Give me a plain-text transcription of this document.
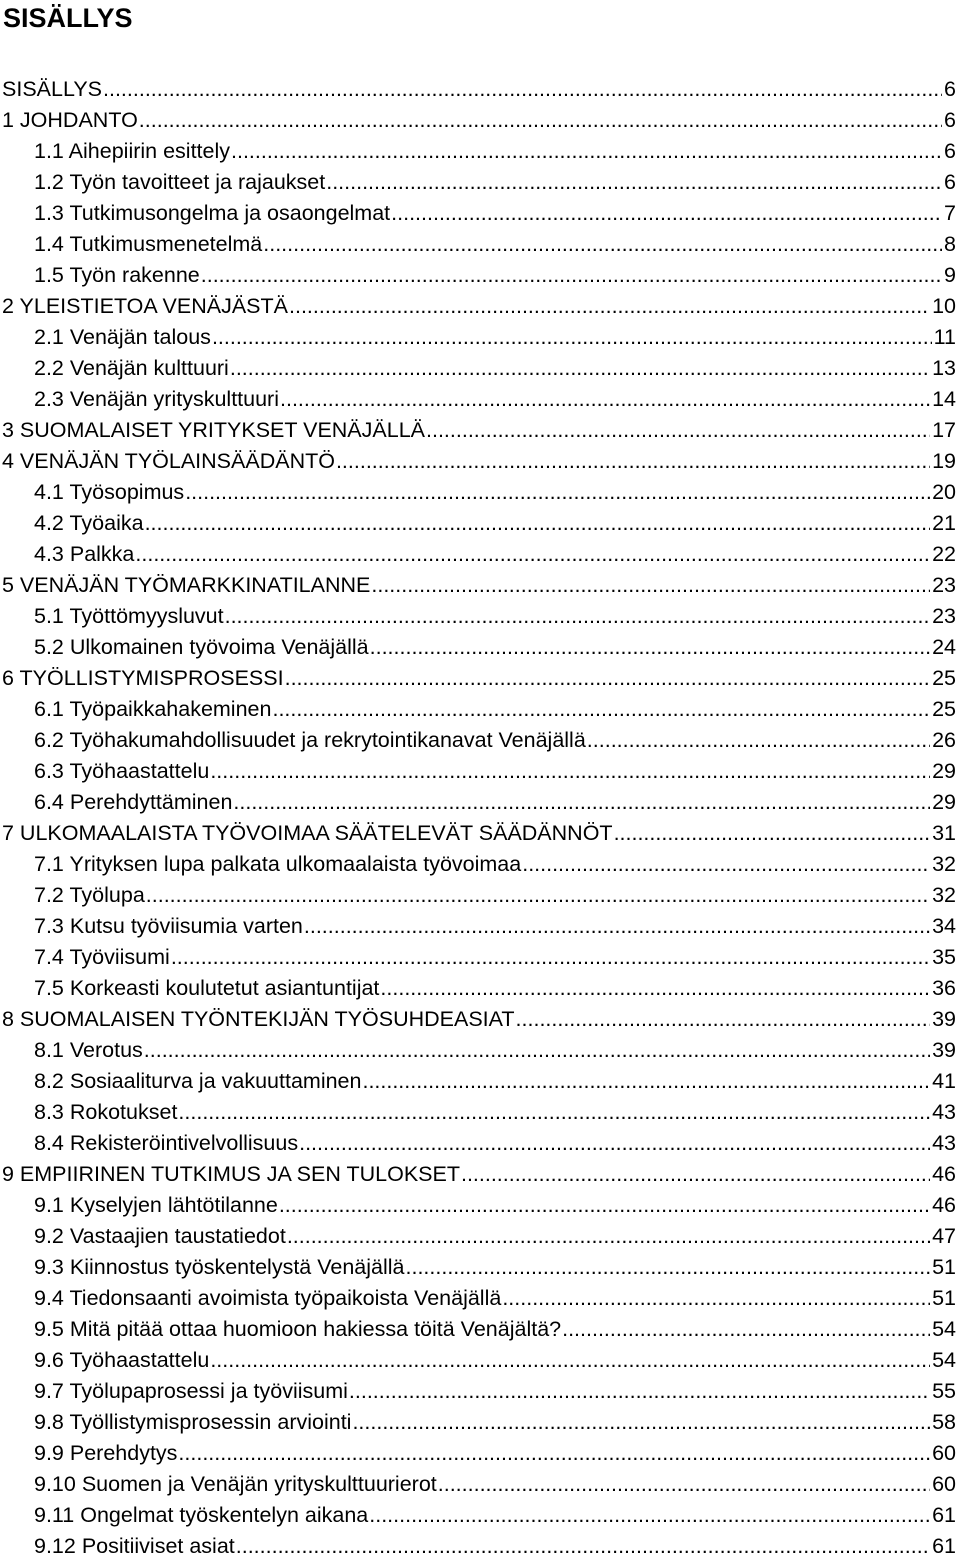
SISÄLLYS
SISÄLLYS .....	6
1 JOHDANTO .....	6
1.1 Aihepiirin esittely .....	6
1.2 Työn tavoitteet ja rajaukset .....	6
1.3 Tutkimusongelma ja osaongelmat .....	7
1.4 Tutkimusmenetelmä .....	8
1.5 Työn rakenne .....	9
2 YLEISTIETOA VENÄJÄSTÄ .....	10
2.1 Venäjän talous .....	11
2.2 Venäjän kulttuuri .....	13
2.3 Venäjän yrityskulttuuri .....	14
3 SUOMALAISET YRITYKSET VENÄJÄLLÄ .....	17
4 VENÄJÄN TYÖLAINSÄÄDÄNTÖ .....	19
4.1 Työsopimus .....	20
4.2 Työaika .....	21
4.3 Palkka .....	22
5 VENÄJÄN TYÖMARKKINATILANNE .....	23
5.1 Työttömyysluvut .....	23
5.2 Ulkomainen työvoima Venäjällä .....	24
6 TYÖLLISTYMISPROSESSI .....	25
6.1 Työpaikkahakeminen .....	25
6.2 Työhakumahdollisuudet ja rekrytointikanavat Venäjällä .....	26
6.3 Työhaastattelu .....	29
6.4 Perehdyttäminen .....	29
7 ULKOMAALAISTA TYÖVOIMAA SÄÄTELEVÄT SÄÄDÄNNÖT .....	31
7.1 Yrityksen lupa palkata ulkomaalaista työvoimaa .....	32
7.2 Työlupa .....	32
7.3 Kutsu työviisumia varten .....	34
7.4 Työviisumi .....	35
7.5 Korkeasti koulutetut asiantuntijat .....	36
8 SUOMALAISEN TYÖNTEKIJÄN TYÖSUHDEASIAT .....	39
8.1 Verotus .....	39
8.2 Sosiaaliturva ja vakuuttaminen .....	41
8.3 Rokotukset .....	43
8.4 Rekisteröintivelvollisuus .....	43
9 EMPIIRINEN TUTKIMUS JA SEN TULOKSET .....	46
9.1 Kyselyjen lähtötilanne .....	46
9.2 Vastaajien taustatiedot .....	47
9.3 Kiinnostus työskentelystä Venäjällä .....	51
9.4 Tiedonsaanti avoimista työpaikoista Venäjällä .....	51
9.5 Mitä pitää ottaa huomioon hakiessa töitä Venäjältä? .....	54
9.6 Työhaastattelu .....	54
9.7 Työlupaprosessi ja työviisumi .....	55
9.8 Työllistymisprosessin arviointi .....	58
9.9 Perehdytys .....	60
9.10 Suomen ja Venäjän yrityskulttuurierot .....	60
9.11 Ongelmat työskentelyn aikana .....	61
9.12 Positiiviset asiat .....	61
